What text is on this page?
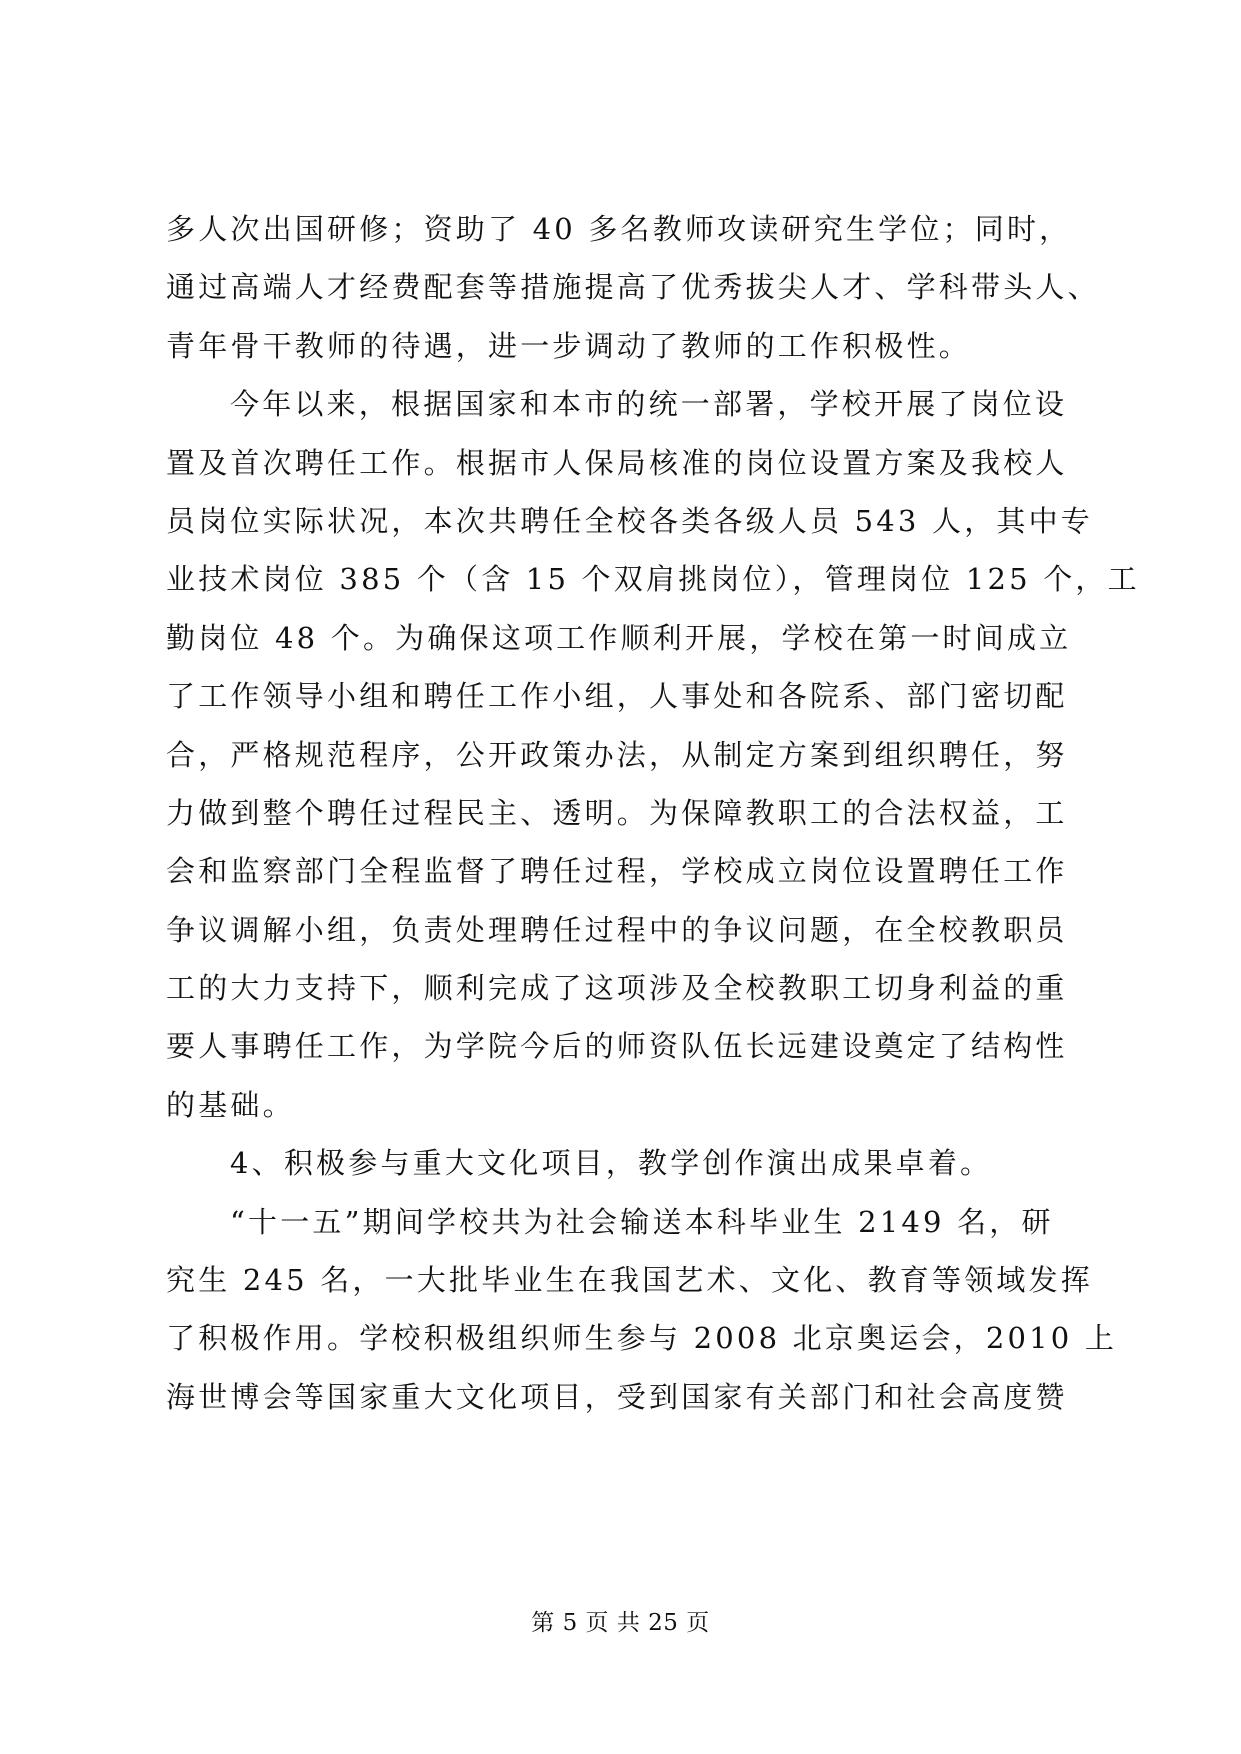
多人次出国研修；资助了 40 多名教师攻读研究生学位；同时，
通过高端人才经费配套等措施提高了优秀拔尖人才、学科带头人、
青年骨干教师的待遇，进一步调动了教师的工作积极性。
今年以来，根据国家和本市的统一部署，学校开展了岗位设
置及首次聘任工作。根据市人保局核准的岗位设置方案及我校人
员岗位实际状况，本次共聘任全校各类各级人员 543 人，其中专
业技术岗位 385 个（含 15 个双肩挑岗位），管理岗位 125 个，工
勤岗位 48 个。为确保这项工作顺利开展，学校在第一时间成立
了工作领导小组和聘任工作小组，人事处和各院系、部门密切配
合，严格规范程序，公开政策办法，从制定方案到组织聘任，努
力做到整个聘任过程民主、透明。为保障教职工的合法权益，工
会和监察部门全程监督了聘任过程，学校成立岗位设置聘任工作
争议调解小组，负责处理聘任过程中的争议问题，在全校教职员
工的大力支持下，顺利完成了这项涉及全校教职工切身利益的重
要人事聘任工作，为学院今后的师资队伍长远建设奠定了结构性
的基础。
4、积极参与重大文化项目，教学创作演出成果卓着。
“十一五”期间学校共为社会输送本科毕业生 2149 名，研
究生 245 名，一大批毕业生在我国艺术、文化、教育等领域发挥
了积极作用。学校积极组织师生参与 2008 北京奥运会，2010 上
海世博会等国家重大文化项目，受到国家有关部门和社会高度赞
第 5 页 共 25 页
